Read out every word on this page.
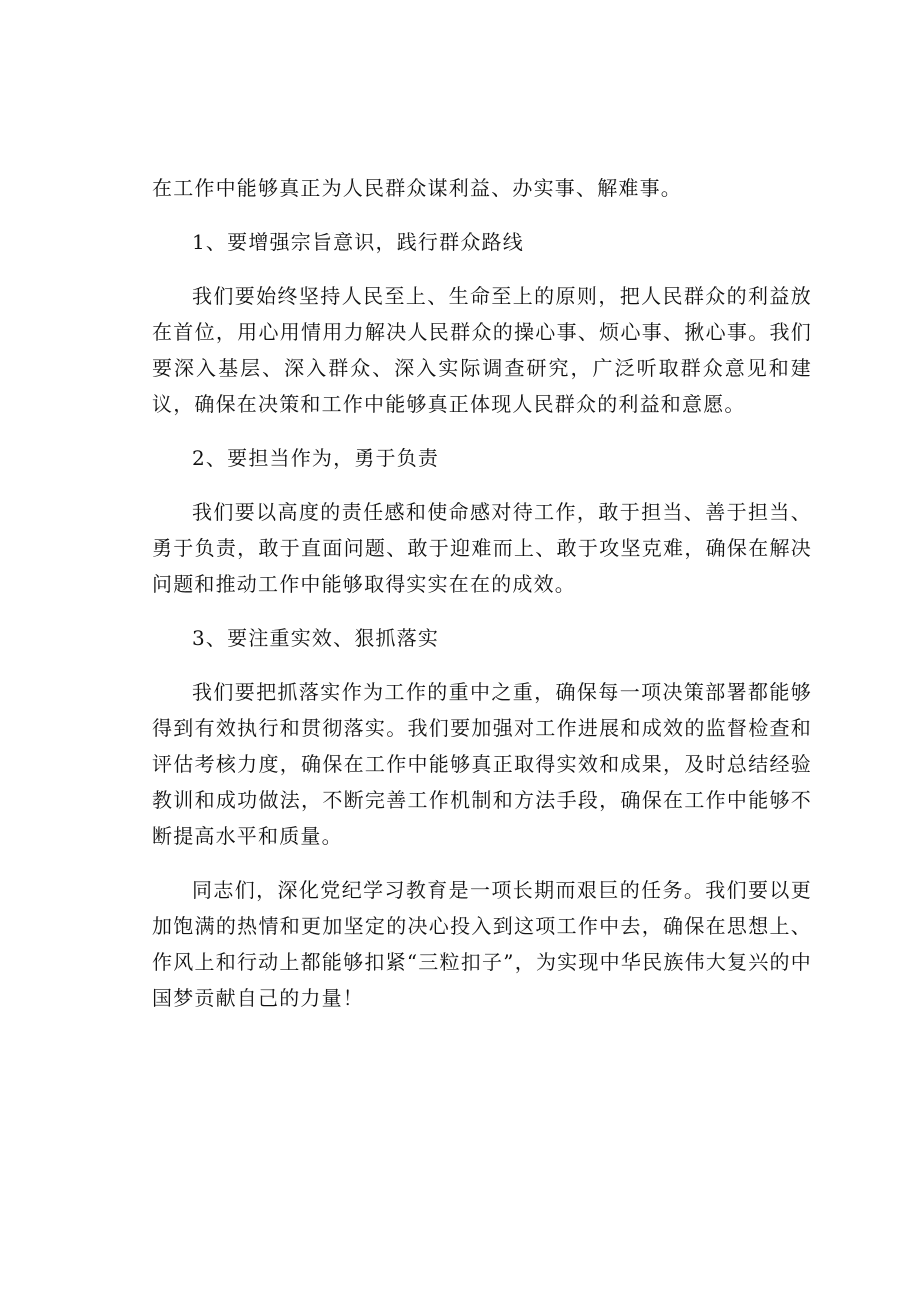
在工作中能够真正为人民群众谋利益、办实事、解难事。

1、要增强宗旨意识，践行群众路线

我们要始终坚持人民至上、生命至上的原则，把人民群众的利益放在首位，用心用情用力解决人民群众的操心事、烦心事、揪心事。我们要深入基层、深入群众、深入实际调查研究，广泛听取群众意见和建议，确保在决策和工作中能够真正体现人民群众的利益和意愿。

2、要担当作为，勇于负责

我们要以高度的责任感和使命感对待工作，敢于担当、善于担当、勇于负责，敢于直面问题、敢于迎难而上、敢于攻坚克难，确保在解决问题和推动工作中能够取得实实在在的成效。

3、要注重实效、狠抓落实

我们要把抓落实作为工作的重中之重，确保每一项决策部署都能够得到有效执行和贯彻落实。我们要加强对工作进展和成效的监督检查和评估考核力度，确保在工作中能够真正取得实效和成果，及时总结经验教训和成功做法，不断完善工作机制和方法手段，确保在工作中能够不断提高水平和质量。

同志们，深化党纪学习教育是一项长期而艰巨的任务。我们要以更加饱满的热情和更加坚定的决心投入到这项工作中去，确保在思想上、作风上和行动上都能够扣紧“三粒扣子”，为实现中华民族伟大复兴的中国梦贡献自己的力量！
